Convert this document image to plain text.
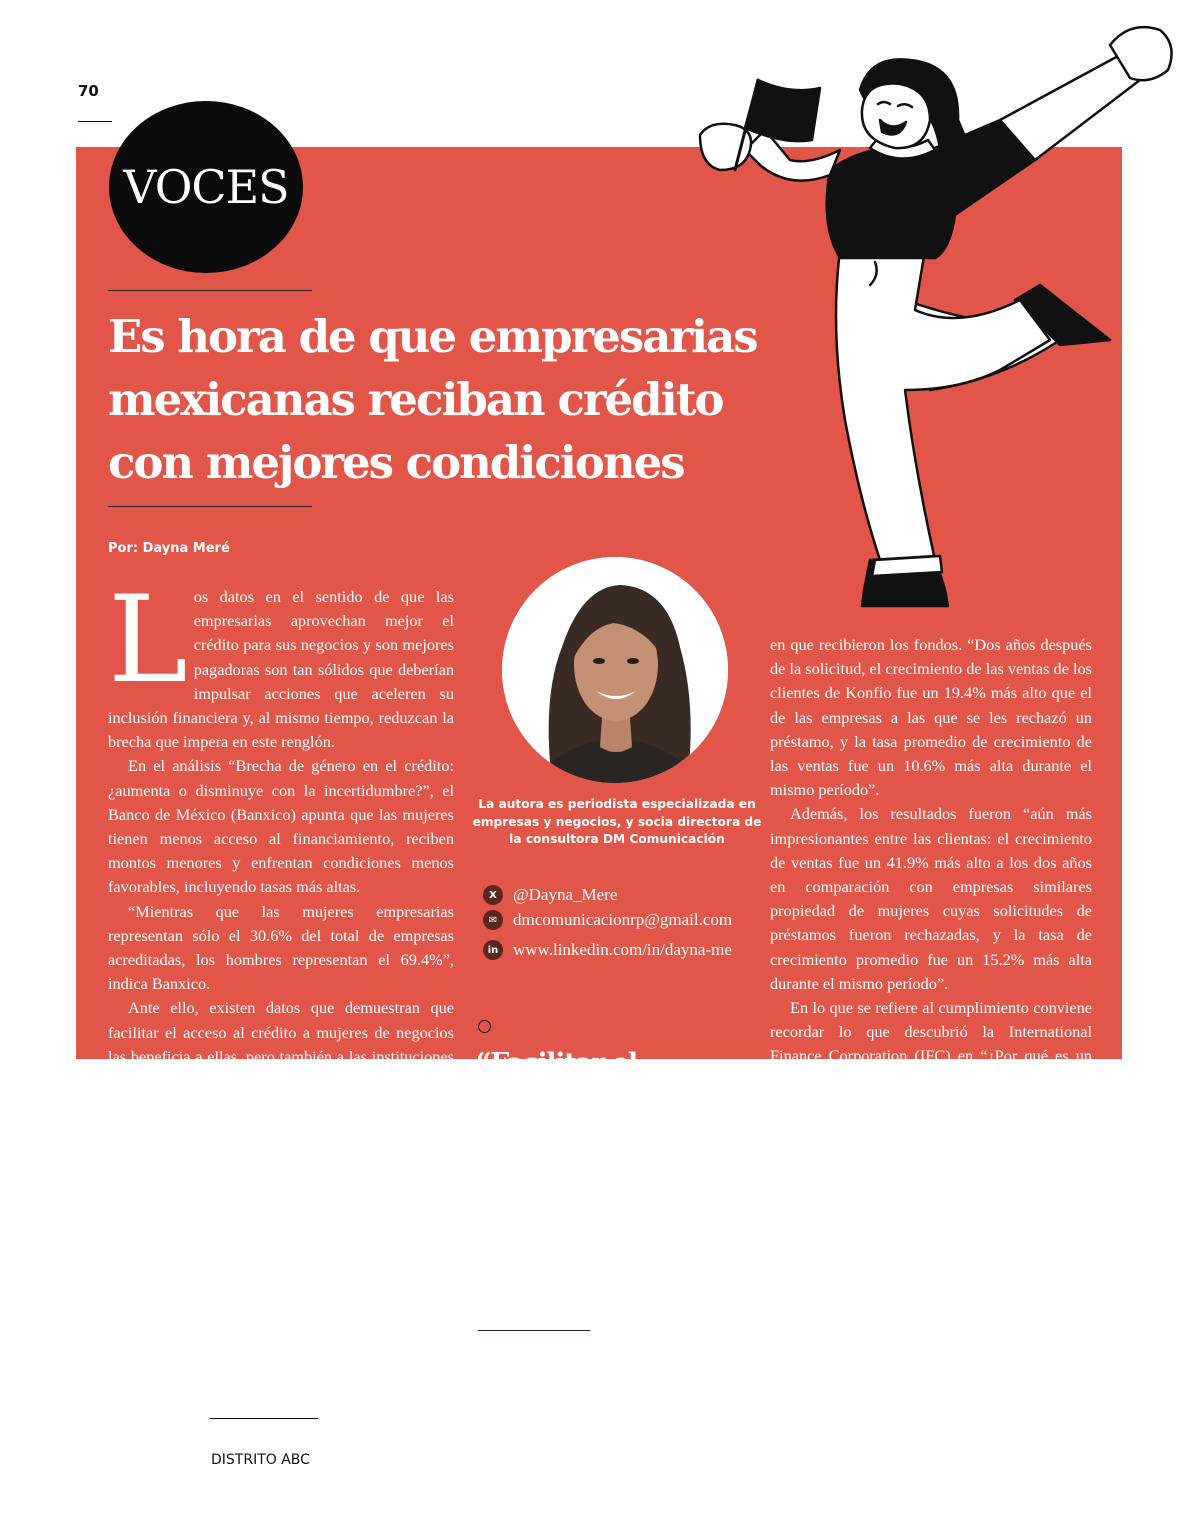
70
VOCES
Es hora de que empresarias
mexicanas reciban crédito
con mejores condiciones
Por: Dayna Meré

Los datos en el sentido de que las empresarias aprovechan mejor el crédito para sus negocios y son mejores pagadoras son tan sólidos que deberían impulsar acciones que aceleren su inclusión financiera y, al mismo tiempo, reduzcan la brecha que impera en este renglón.

En el análisis “Brecha de género en el crédito: ¿aumenta o disminuye con la incertidumbre?”, el Banco de México (Banxico) apunta que las mujeres tienen menos acceso al financiamiento, reciben montos menores y enfrentan condiciones menos favorables, incluyendo tasas más altas.

“Mientras que las mujeres empresarias representan sólo el 30.6% del total de empresas acreditadas, los hombres representan el 69.4%”, indica Banxico.

Ante ello, existen datos que demuestran que facilitar el acceso al crédito a mujeres de negocios las beneficia a ellas, pero también a las instituciones que les prestan.

Como primer ejemplo está lo que encontró el estudio titulado “Impulsar el crecimiento de las empresas mientras se equiparan las condiciones de crédito para las Mipyme de mujeres en México”, desarrollado en colaboración entre BID Invest y la fintech Konfío.

La investigación observa que las empresas que accedieron al crédito aumentaron constantemente sus ventas desde el momento

La autora es periodista especializada en empresas y negocios, y socia directora de la consultora DM Comunicación
X @Dayna_Mere
✉ dmcomunicacionrp@gmail.com
in www.linkedin.com/in/dayna-me
“Facilitar el
acceso al crédito
a mujeres de
negocios las
beneficia a ellas y
a las instituciones
que les prestan”

en que recibieron los fondos. “Dos años después de la solicitud, el crecimiento de las ventas de los clientes de Konfío fue un 19.4% más alto que el de las empresas a las que se les rechazó un préstamo, y la tasa promedio de crecimiento de las ventas fue un 10.6% más alta durante el mismo período”.

Además, los resultados fueron “aún más impresionantes entre las clientas: el crecimiento de ventas fue un 41.9% más alto a los dos años en comparación con empresas similares propiedad de mujeres cuyas solicitudes de préstamos fueron rechazadas, y la tasa de crecimiento promedio fue un 15.2% más alta durante el mismo período”.

En lo que se refiere al cumplimiento conviene recordar lo que descubrió la International Finance Corporation (IFC) en “¿Por qué es un buen negocio financiar a la mujer emprendedora mexicana?”

Ahí registró que “financiar a emprendedoras en México es una oportunidad de $6,502 millones de dólares, pues es un sector subatendido y de cada 100 que pide un crédito, 99 salda toda la deuda”.

Con estos datos ¿acaso no es hora de que las empresarias mexicanas reciban crédito con mejores condiciones?

DISTRITO ABC
